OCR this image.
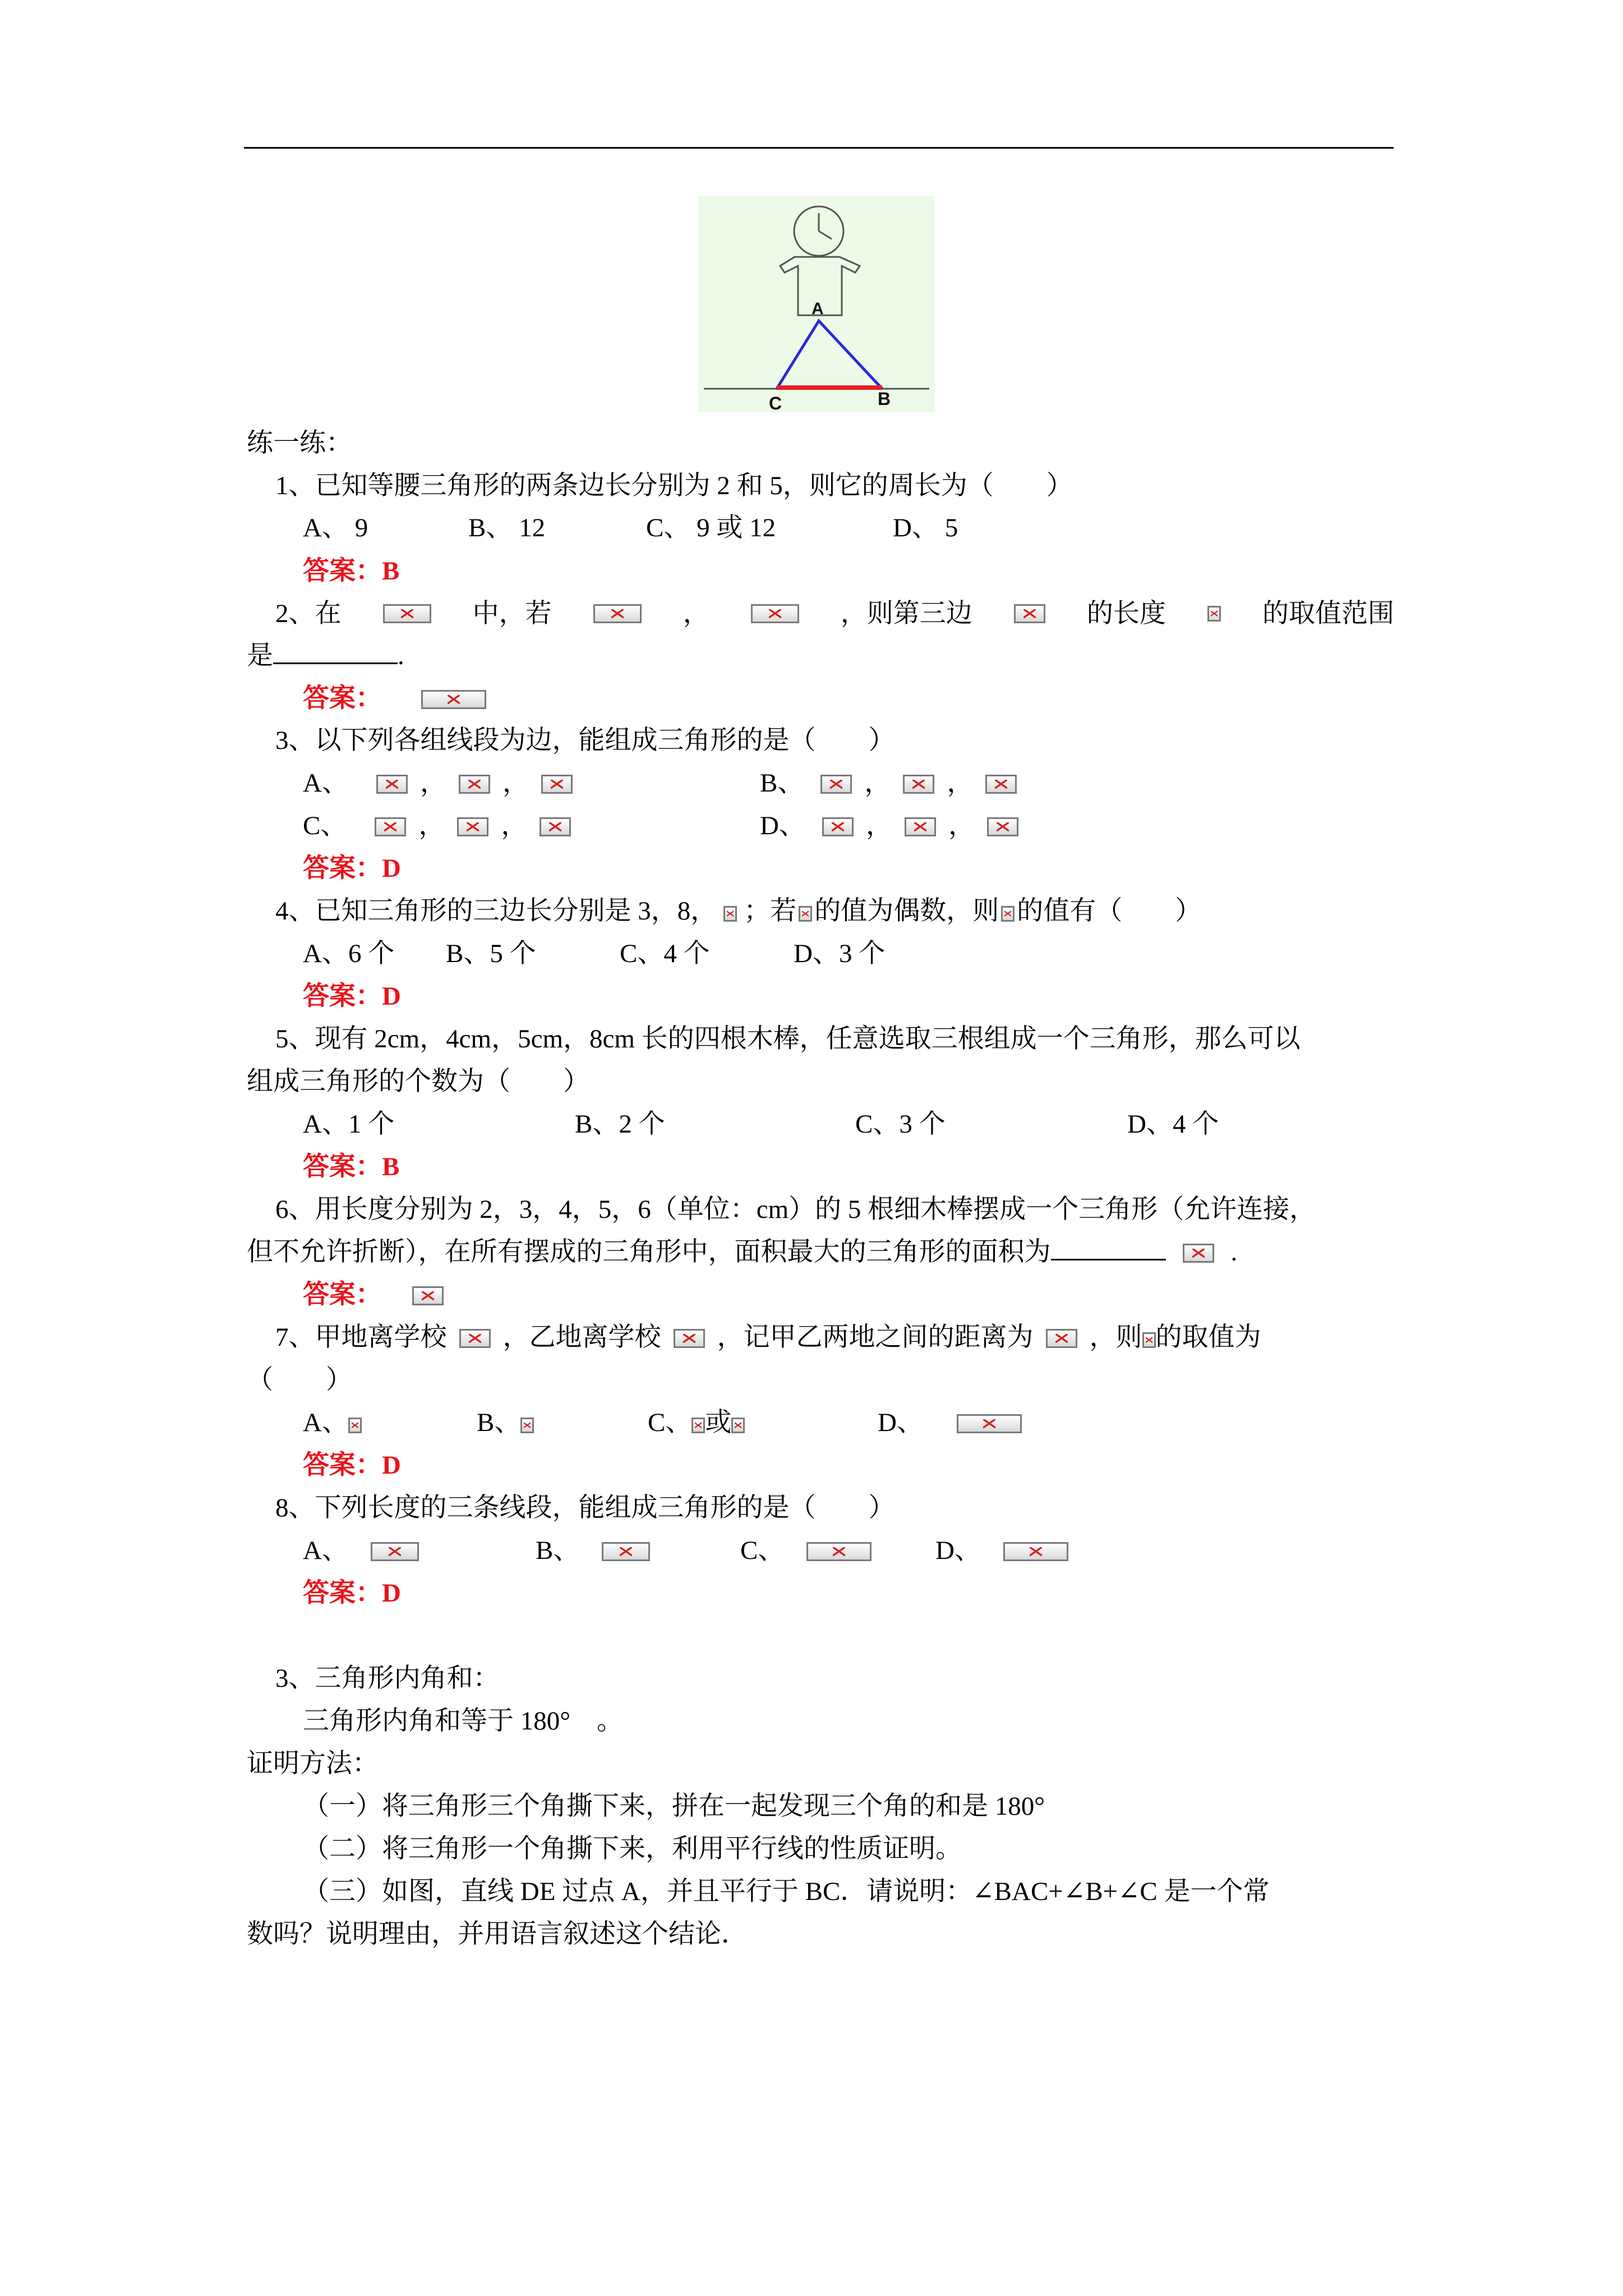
A
C	B
练一练：
1、已知等腰三角形的两条边长分别为 2 和 5，则它的周长为（　　）
A、 9	B、 12	C、 9 或 12	D、 5
答案：B
2、在	中，若	，	，则第三边	的长度	的取值范围
是	.
答案：
3、以下列各组线段为边，能组成三角形的是（　　）
A、	， ，	B、 ， ，
C、	， ，	D、 ， ，
答案：D
4、已知三角形的三边长分别是 3，8， ；若 的值为偶数，则 的值有（　　）
A、6 个 B、5 个	C、4 个	D、3 个
答案：D
5、现有 2cm，4cm，5cm，8cm 长的四根木棒，任意选取三根组成一个三角形，那么可以
组成三角形的个数为（　　）
A、1 个	B、2 个	C、3 个	D、4 个
答案：B
6、用长度分别为 2，3，4，5，6（单位：cm）的 5 根细木棒摆成一个三角形（允许连接，
但不允许折断），在所有摆成的三角形中，面积最大的三角形的面积为	.
答案：
7、甲地离学校 ，乙地离学校 ，记甲乙两地之间的距离为 ，则 的取值为
（　　）
A、	B、	C、 或	D、
答案：D
8、下列长度的三条线段，能组成三角形的是（　　）
A、	B、	C、	D、
答案：D
3、三角形内角和：
三角形内角和等于 180°　。
证明方法：
（一）将三角形三个角撕下来，拼在一起发现三个角的和是 180°
（二）将三角形一个角撕下来，利用平行线的性质证明。
（三）如图，直线 DE 过点 A，并且平行于 BC．请说明：∠BAC+∠B+∠C 是一个常
数吗？说明理由，并用语言叙述这个结论．
